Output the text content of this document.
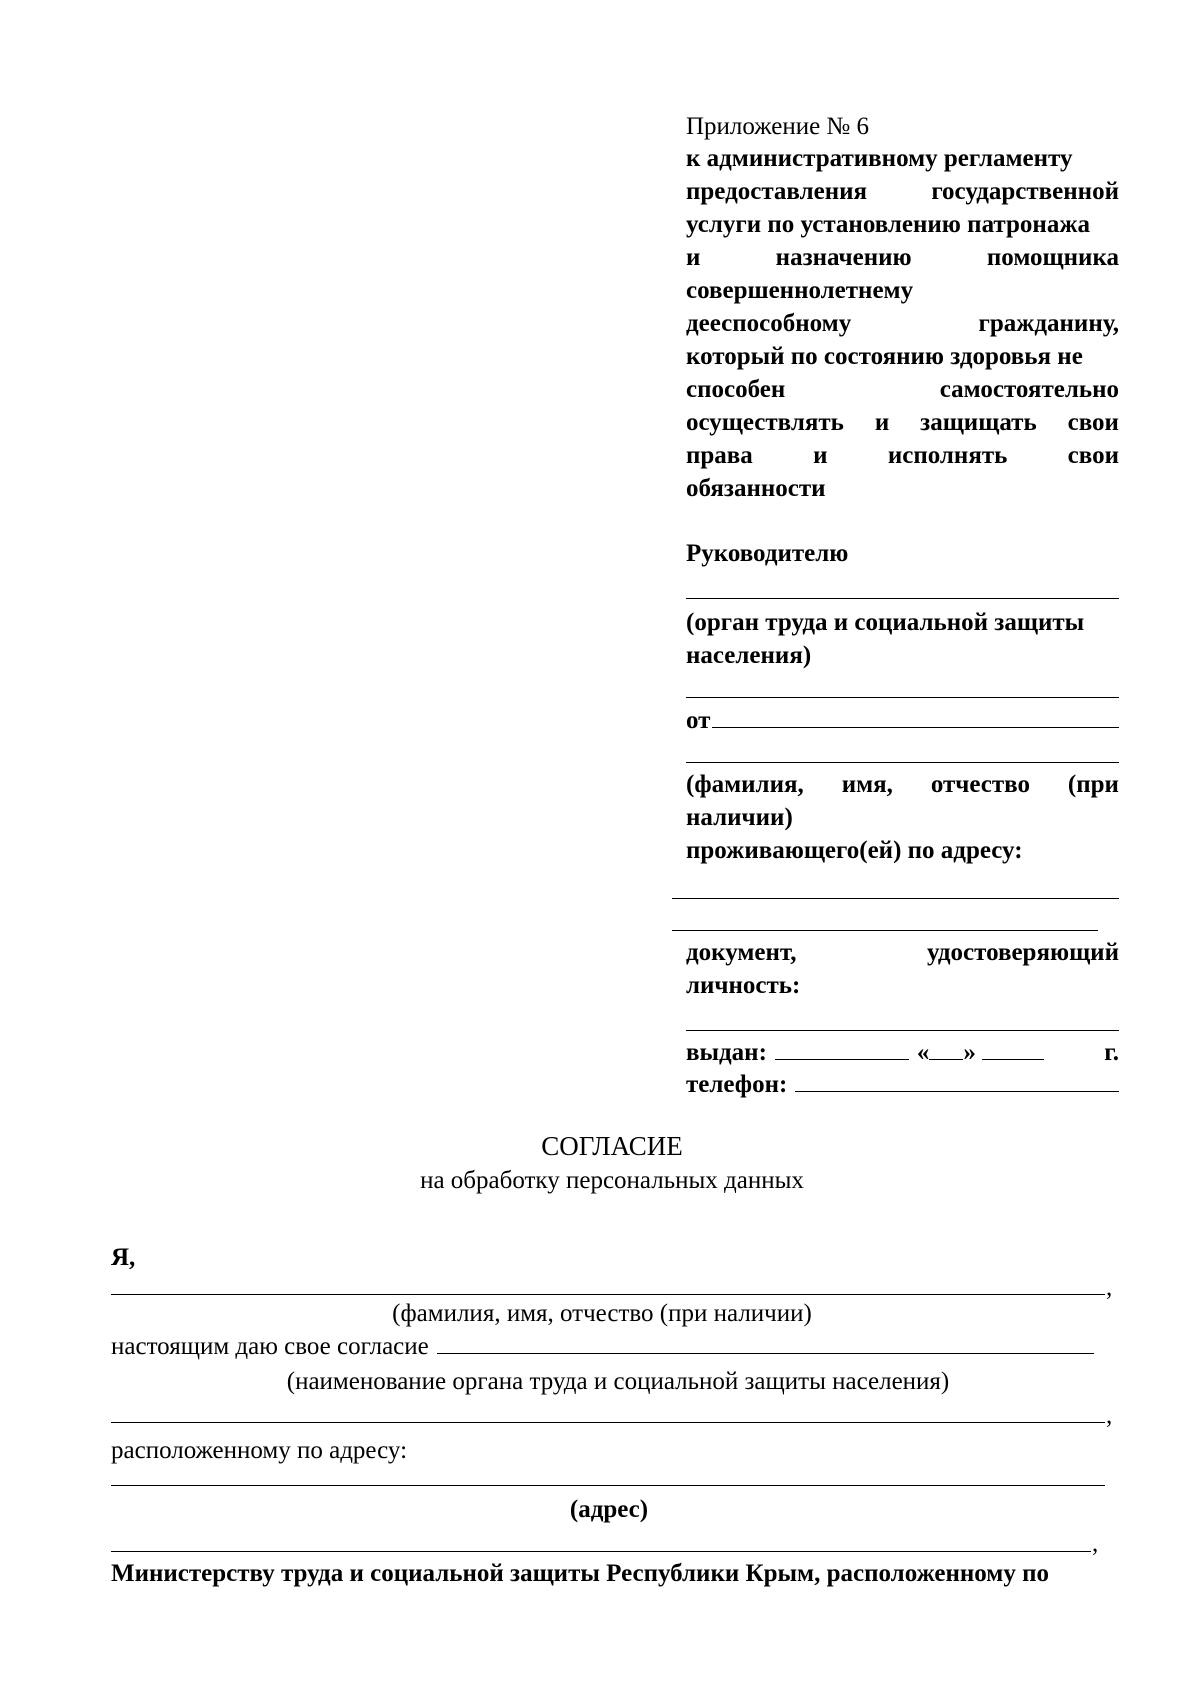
Приложение № 6
к административному регламенту
предоставления	государственной
услуги по установлению патронажа
и	назначению	помощника
совершеннолетнему
дееспособному	гражданину,
который по состоянию здоровья не
способен	самостоятельно
осуществлять и защищать свои
права и исполнять свои
обязанности
Руководителю
(орган труда и социальной защиты
населения)
от
(фамилия, имя, отчество (при
наличии)
проживающего(ей) по адресу:
документ,	удостоверяющий
личность:
выдан:	« »	г.
телефон:
СОГЛАСИЕ
на обработку персональных данных
Я,
,
(фамилия, имя, отчество (при наличии)
настоящим даю свое согласие
(наименование органа труда и социальной защиты населения)
,
расположенному по адресу:
(адрес)
,
Министерству труда и социальной защиты Республики Крым, расположенному по
